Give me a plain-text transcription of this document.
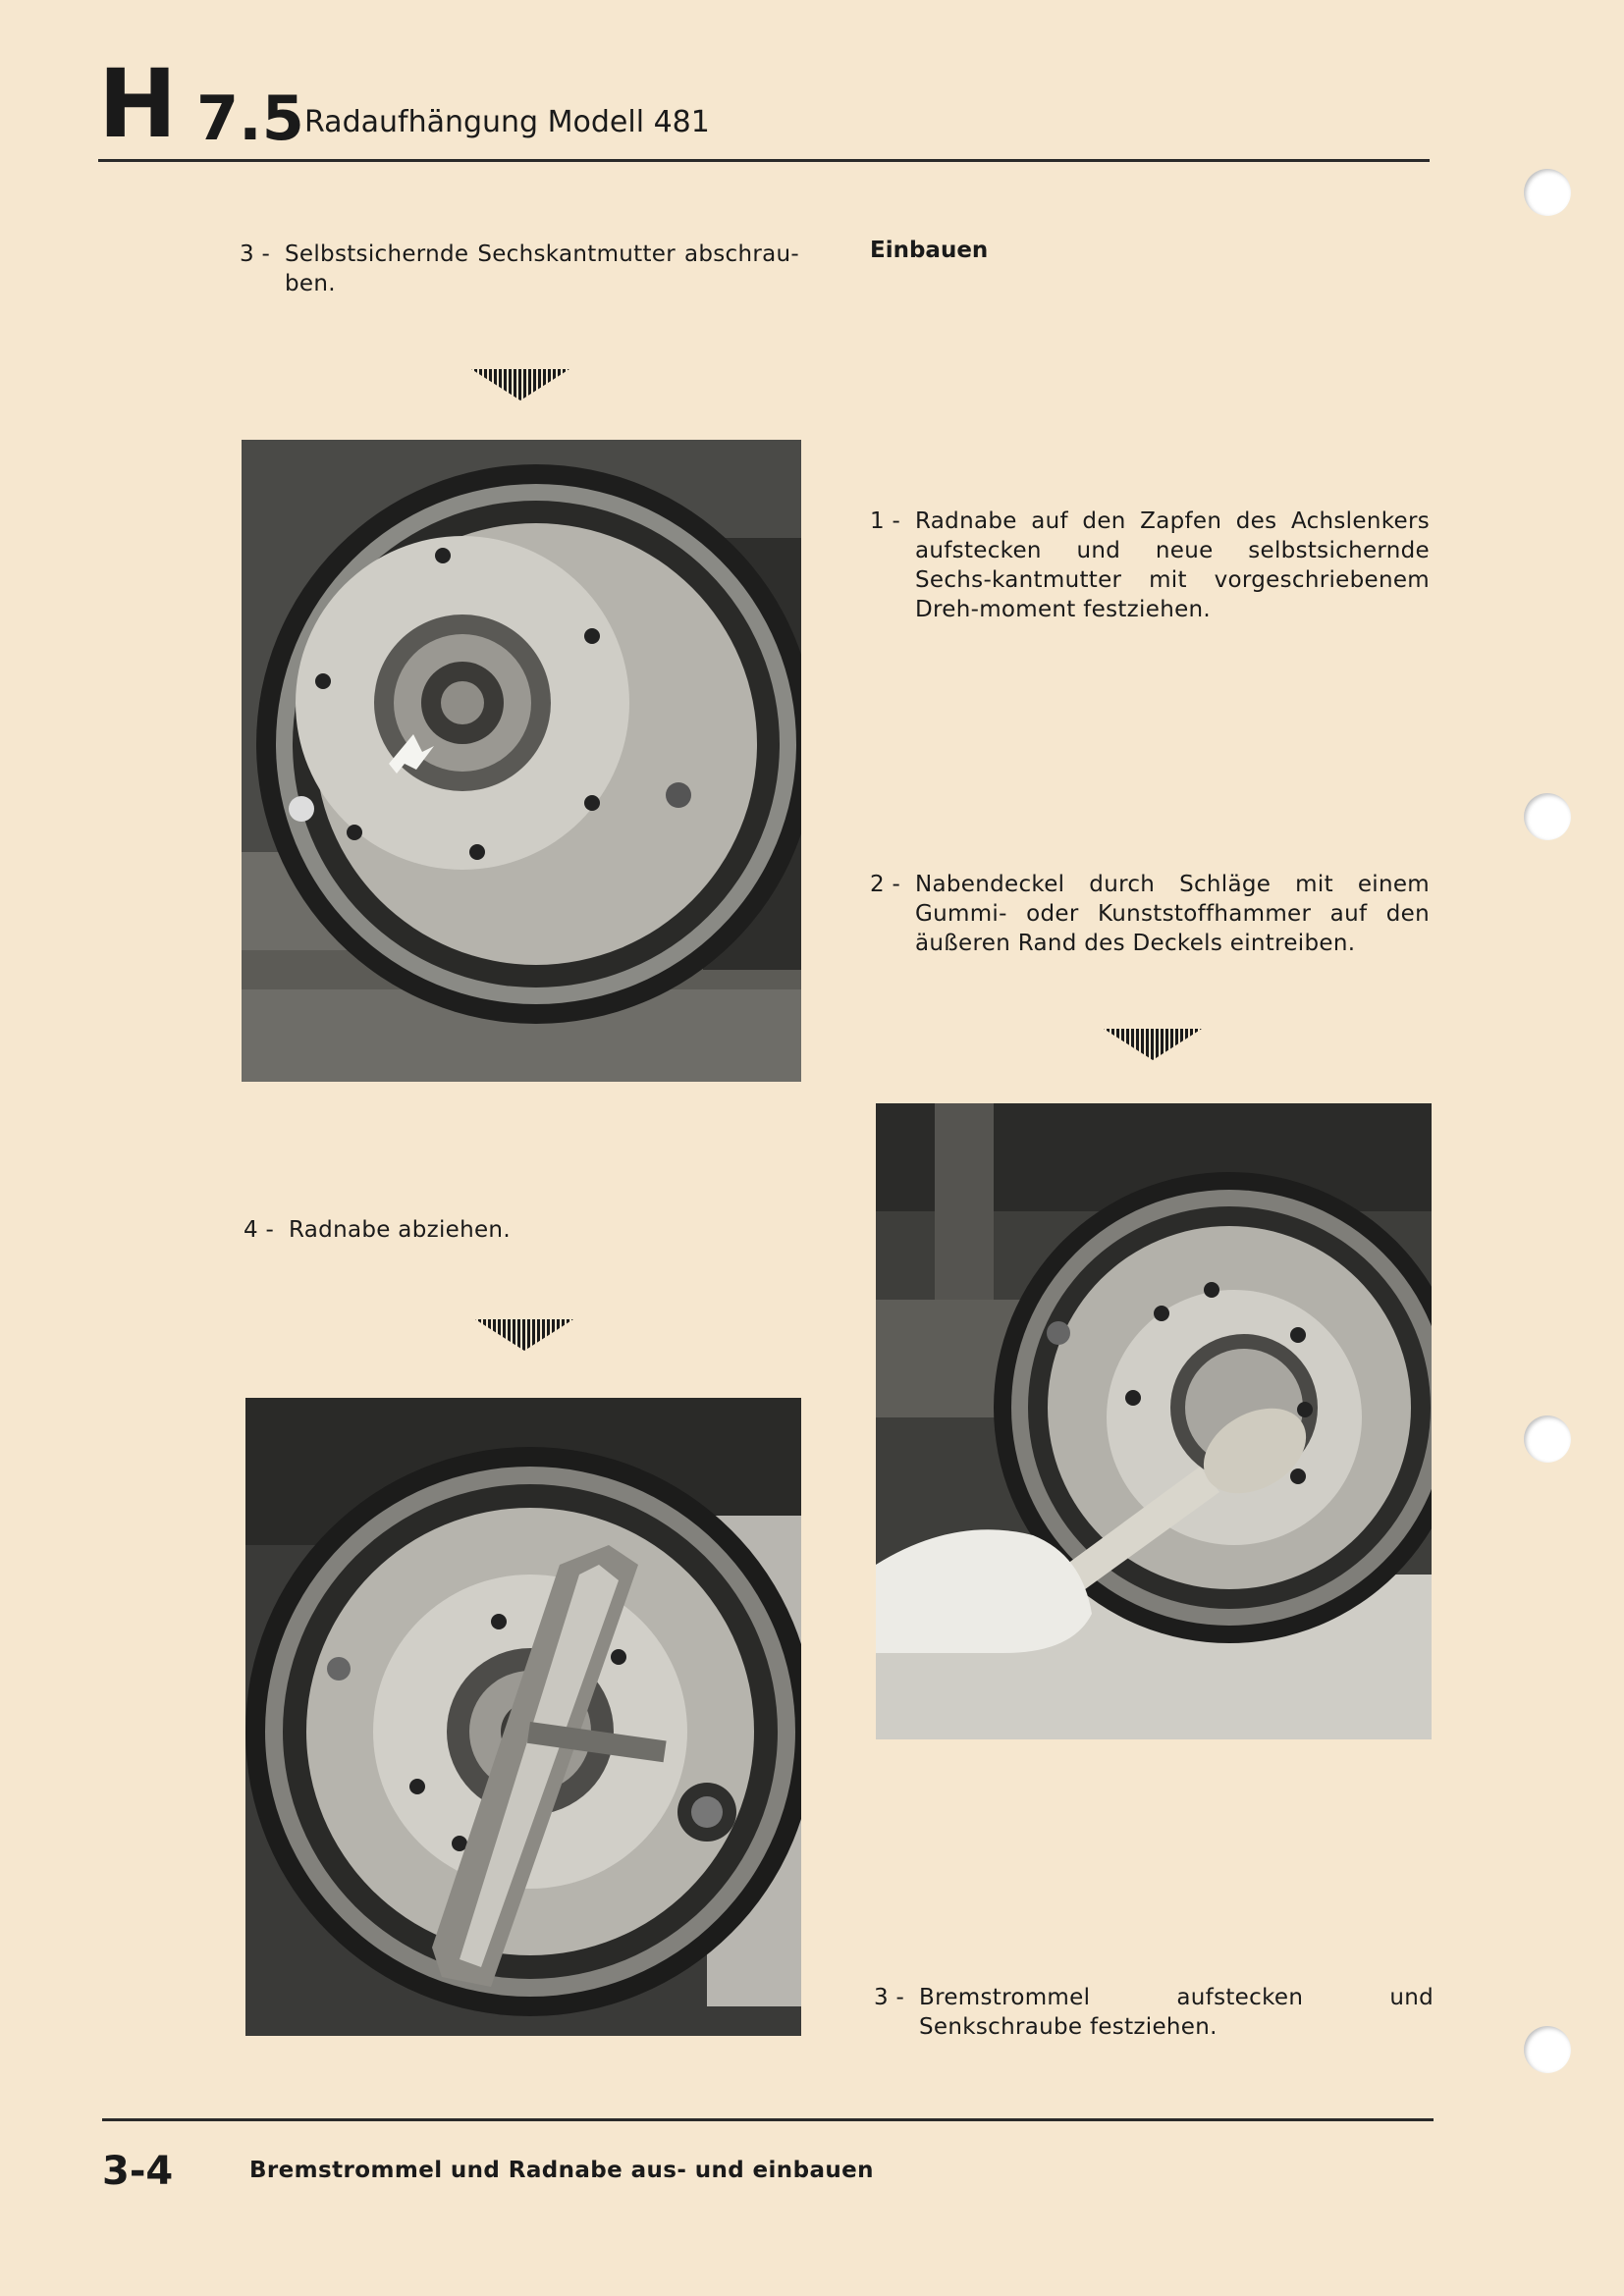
H 7.5 Radaufhängung Modell 481
3 - Selbstsichernde Sechskantmutter abschrau-ben.
Einbauen
1 - Radnabe auf den Zapfen des Achslenkers aufstecken und neue selbstsichernde Sechs-kantmutter mit vorgeschriebenem Dreh-moment festziehen.
2 - Nabendeckel durch Schläge mit einem Gummi- oder Kunststoffhammer auf den äußeren Rand des Deckels eintreiben.
4 - Radnabe abziehen.
3 - Bremstrommel aufstecken und Senkschraube festziehen.
3-4	Bremstrommel und Radnabe aus- und einbauen
